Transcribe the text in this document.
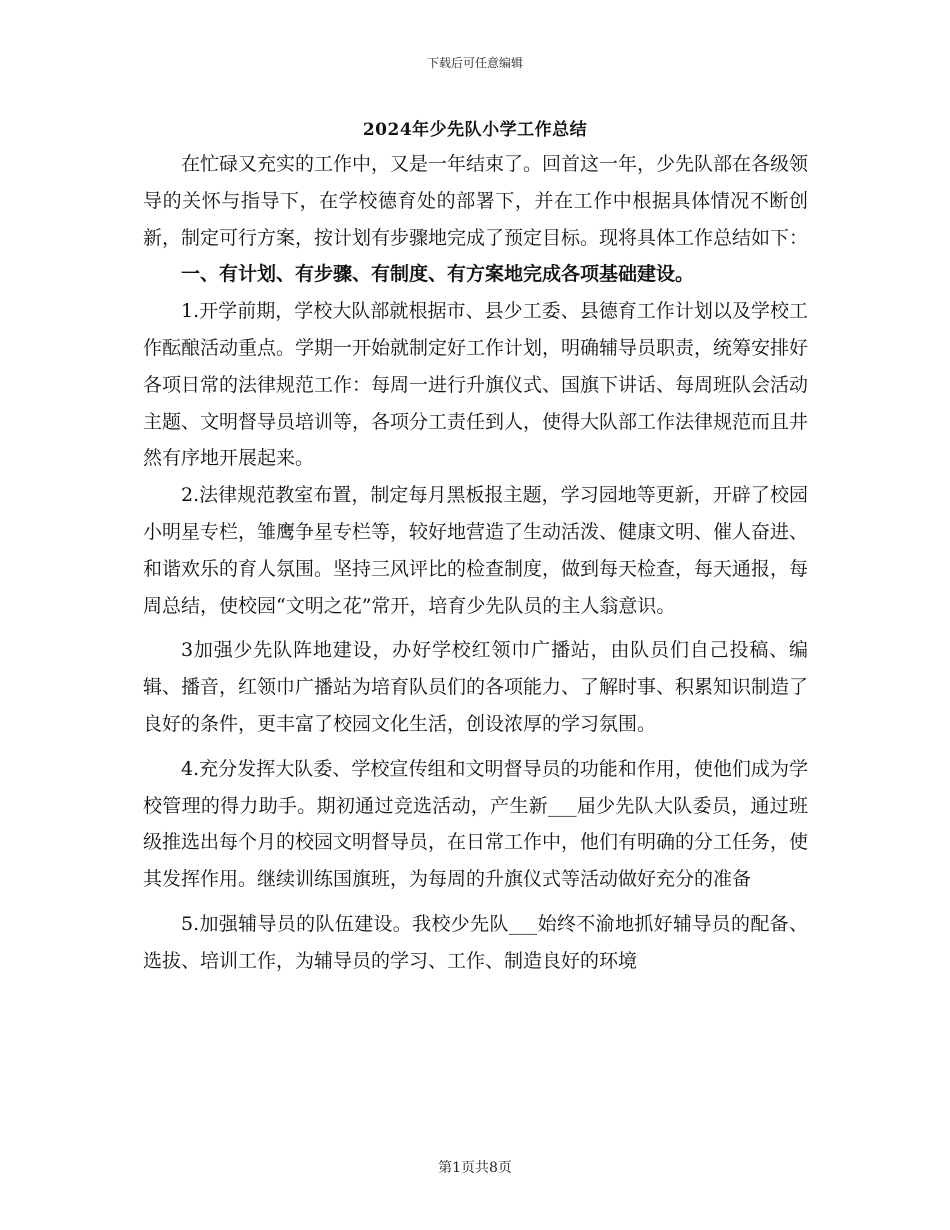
下载后可任意编辑
2024年少先队小学工作总结

在忙碌又充实的工作中，又是一年结束了。回首这一年，少先队部在各级领导的关怀与指导下，在学校德育处的部署下，并在工作中根据具体情况不断创新，制定可行方案，按计划有步骤地完成了预定目标。现将具体工作总结如下：

一、有计划、有步骤、有制度、有方案地完成各项基础建设。

1.开学前期，学校大队部就根据市、县少工委、县德育工作计划以及学校工作酝酿活动重点。学期一开始就制定好工作计划，明确辅导员职责，统筹安排好各项日常的法律规范工作：每周一进行升旗仪式、国旗下讲话、每周班队会活动主题、文明督导员培训等，各项分工责任到人，使得大队部工作法律规范而且井然有序地开展起来。

2.法律规范教室布置，制定每月黑板报主题，学习园地等更新，开辟了校园小明星专栏，雏鹰争星专栏等，较好地营造了生动活泼、健康文明、催人奋进、和谐欢乐的育人氛围。坚持三风评比的检查制度，做到每天检查，每天通报，每周总结，使校园“文明之花”常开，培育少先队员的主人翁意识。

3加强少先队阵地建设，办好学校红领巾广播站，由队员们自己投稿、编辑、播音，红领巾广播站为培育队员们的各项能力、了解时事、积累知识制造了良好的条件，更丰富了校园文化生活，创设浓厚的学习氛围。

4.充分发挥大队委、学校宣传组和文明督导员的功能和作用，使他们成为学校管理的得力助手。期初通过竞选活动，产生新___届少先队大队委员，通过班级推选出每个月的校园文明督导员，在日常工作中，他们有明确的分工任务，使其发挥作用。继续训练国旗班，为每周的升旗仪式等活动做好充分的准备

5.加强辅导员的队伍建设。我校少先队___始终不渝地抓好辅导员的配备、选拔、培训工作，为辅导员的学习、工作、制造良好的环境

第1页共8页
